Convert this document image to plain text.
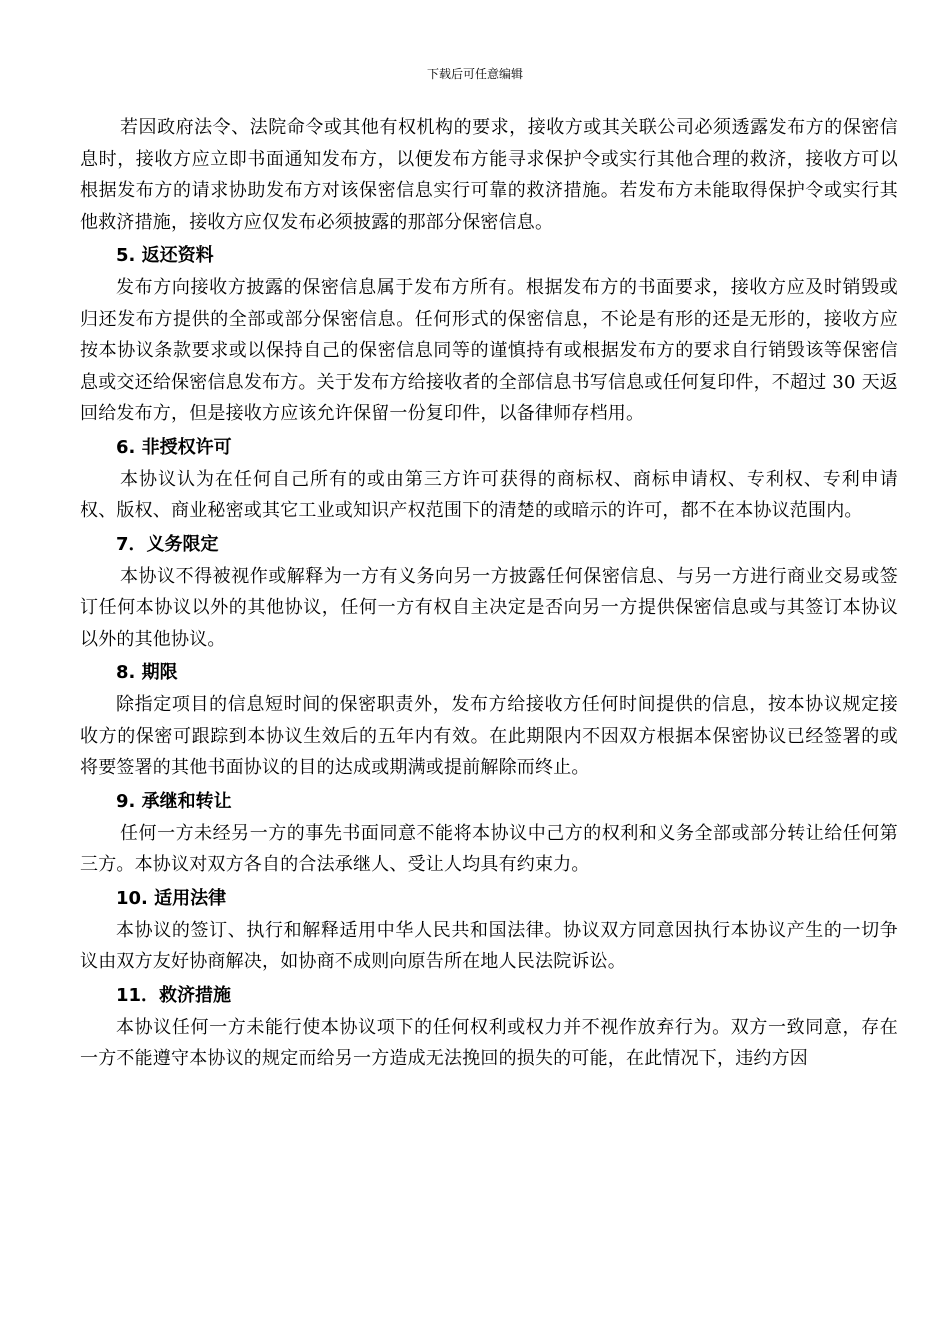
下载后可任意编辑

若因政府法令、法院命令或其他有权机构的要求，接收方或其关联公司必须透露发布方的保密信息时，接收方应立即书面通知发布方，以便发布方能寻求保护令或实行其他合理的救济，接收方可以根据发布方的请求协助发布方对该保密信息实行可靠的救济措施。若发布方未能取得保护令或实行其他救济措施，接收方应仅发布必须披露的那部分保密信息。

5. 返还资料

发布方向接收方披露的保密信息属于发布方所有。根据发布方的书面要求，接收方应及时销毁或归还发布方提供的全部或部分保密信息。任何形式的保密信息，不论是有形的还是无形的，接收方应按本协议条款要求或以保持自己的保密信息同等的谨慎持有或根据发布方的要求自行销毁该等保密信息或交还给保密信息发布方。关于发布方给接收者的全部信息书写信息或任何复印件，不超过 30 天返回给发布方，但是接收方应该允许保留一份复印件，以备律师存档用。

6. 非授权许可

本协议认为在任何自己所有的或由第三方许可获得的商标权、商标申请权、专利权、专利申请权、版权、商业秘密或其它工业或知识产权范围下的清楚的或暗示的许可，都不在本协议范围内。

7．义务限定

本协议不得被视作或解释为一方有义务向另一方披露任何保密信息、与另一方进行商业交易或签订任何本协议以外的其他协议，任何一方有权自主决定是否向另一方提供保密信息或与其签订本协议以外的其他协议。

8. 期限

除指定项目的信息短时间的保密职责外，发布方给接收方任何时间提供的信息，按本协议规定接收方的保密可跟踪到本协议生效后的五年内有效。在此期限内不因双方根据本保密协议已经签署的或将要签署的其他书面协议的目的达成或期满或提前解除而终止。

9. 承继和转让

任何一方未经另一方的事先书面同意不能将本协议中己方的权利和义务全部或部分转让给任何第三方。本协议对双方各自的合法承继人、受让人均具有约束力。

10. 适用法律

本协议的签订、执行和解释适用中华人民共和国法律。协议双方同意因执行本协议产生的一切争议由双方友好协商解决，如协商不成则向原告所在地人民法院诉讼。

11．救济措施

本协议任何一方未能行使本协议项下的任何权利或权力并不视作放弃行为。双方一致同意，存在一方不能遵守本协议的规定而给另一方造成无法挽回的损失的可能，在此情况下，违约方因
